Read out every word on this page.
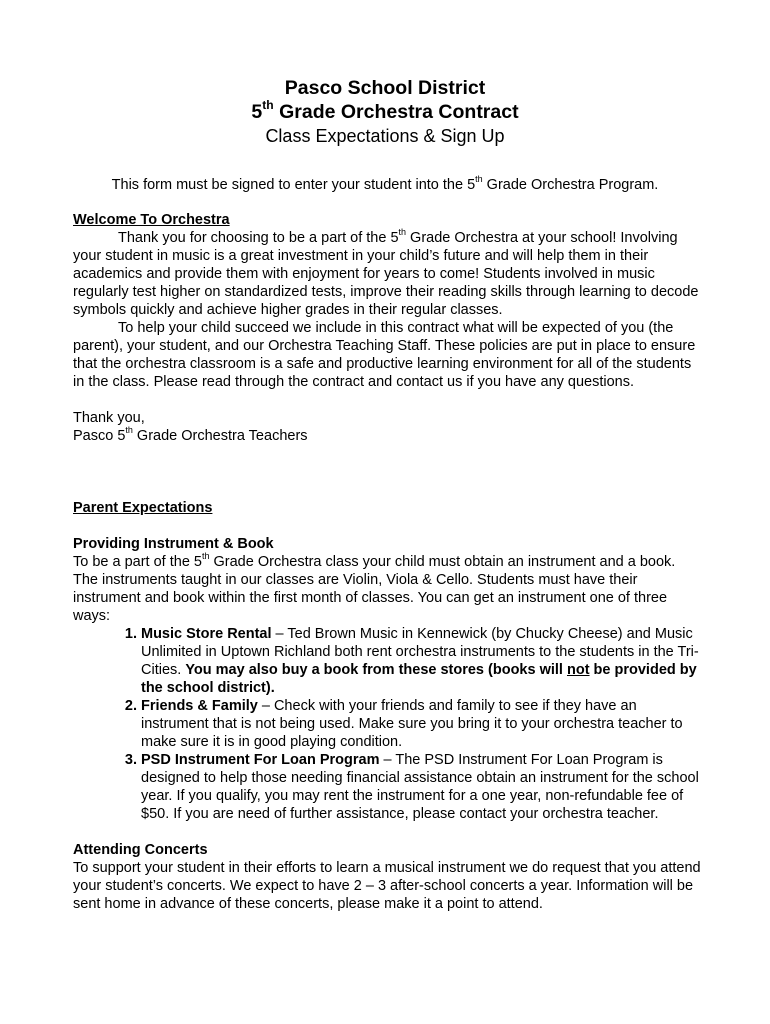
Pasco School District

5th Grade Orchestra Contract

Class Expectations & Sign Up

This form must be signed to enter your student into the 5th Grade Orchestra Program.

Welcome To Orchestra

Thank you for choosing to be a part of the 5th Grade Orchestra at your school! Involving your student in music is a great investment in your child’s future and will help them in their academics and provide them with enjoyment for years to come! Students involved in music regularly test higher on standardized tests, improve their reading skills through learning to decode symbols quickly and achieve higher grades in their regular classes.

To help your child succeed we include in this contract what will be expected of you (the parent), your student, and our Orchestra Teaching Staff. These policies are put in place to ensure that the orchestra classroom is a safe and productive learning environment for all of the students in the class. Please read through the contract and contact us if you have any questions.

Thank you,

Pasco 5th Grade Orchestra Teachers

Parent Expectations

Providing Instrument & Book

To be a part of the 5th Grade Orchestra class your child must obtain an instrument and a book. The instruments taught in our classes are Violin, Viola & Cello. Students must have their instrument and book within the first month of classes. You can get an instrument one of three ways:

1. Music Store Rental – Ted Brown Music in Kennewick (by Chucky Cheese) and Music Unlimited in Uptown Richland both rent orchestra instruments to the students in the Tri-Cities. You may also buy a book from these stores (books will not be provided by the school district).
2. Friends & Family – Check with your friends and family to see if they have an instrument that is not being used. Make sure you bring it to your orchestra teacher to make sure it is in good playing condition.
3. PSD Instrument For Loan Program – The PSD Instrument For Loan Program is designed to help those needing financial assistance obtain an instrument for the school year. If you qualify, you may rent the instrument for a one year, non-refundable fee of $50. If you are need of further assistance, please contact your orchestra teacher.

Attending Concerts

To support your student in their efforts to learn a musical instrument we do request that you attend your student’s concerts. We expect to have 2 – 3 after-school concerts a year. Information will be sent home in advance of these concerts, please make it a point to attend.
